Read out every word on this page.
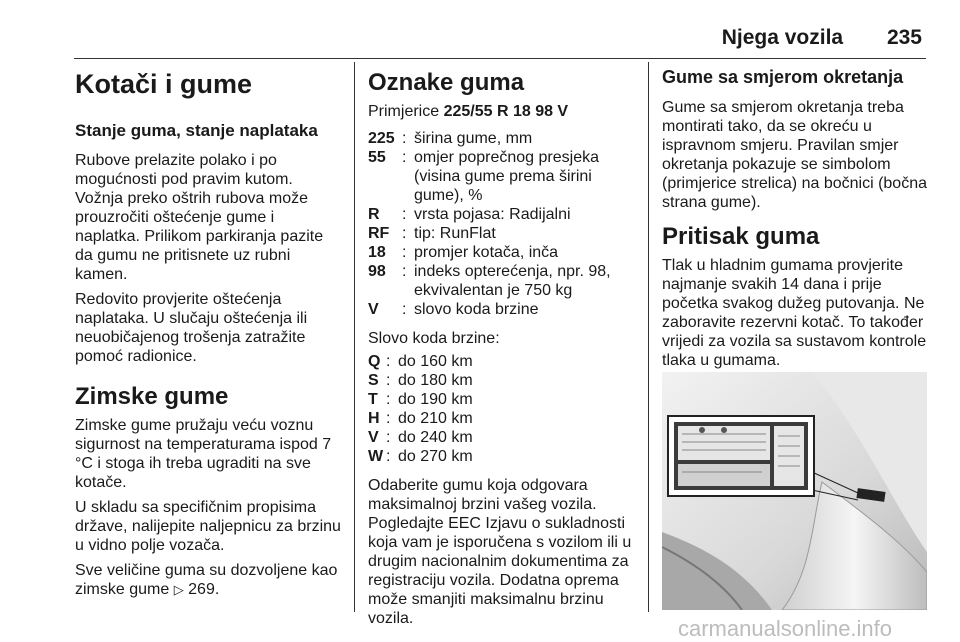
Njega vozila 235
Kotači i gume
Stanje guma, stanje naplataka

Rubove prelazite polako i po mogućnosti pod pravim kutom. Vožnja preko oštrih rubova može prouzročiti oštećenje gume i naplatka. Prilikom parkiranja pazite da gumu ne pritisnete uz rubni kamen.

Redovito provjerite oštećenja naplataka. U slučaju oštećenja ili neuobičajenog trošenja zatražite pomoć radionice.

Zimske gume

Zimske gume pružaju veću voznu sigurnost na temperaturama ispod 7 °C i stoga ih treba ugraditi na sve kotače.

U skladu sa specifičnim propisima države, nalijepite naljepnicu za brzinu u vidno polje vozača.

Sve veličine guma su dozvoljene kao zimske gume ▷ 269.

Oznake guma

Primjerice 225/55 R 18 98 V

225 : širina gume, mm
55	: omjer poprečnog presjeka (visina gume prema širini gume), %
R	: vrsta pojasa: Radijalni
RF : tip: RunFlat
18	: promjer kotača, inča
98	: indeks opterećenja, npr. 98, ekvivalentan je 750 kg
V	: slovo koda brzine

Slovo koda brzine:

Q : do 160 km
S : do 180 km
T : do 190 km
H : do 210 km
V : do 240 km
W : do 270 km

Odaberite gumu koja odgovara maksimalnoj brzini vašeg vozila. Pogledajte EEC Izjavu o sukladnosti koja vam je isporučena s vozilom ili u drugim nacionalnim dokumentima za registraciju vozila. Dodatna oprema može smanjiti maksimalnu brzinu vozila.

Gume sa smjerom okretanja

Gume sa smjerom okretanja treba montirati tako, da se okreću u ispravnom smjeru. Pravilan smjer okretanja pokazuje se simbolom (primjerice strelica) na bočnici (bočna strana gume).

Pritisak guma

Tlak u hladnim gumama provjerite najmanje svakih 14 dana i prije početka svakog dužeg putovanja. Ne zaboravite rezervni kotač. To također vrijedi za vozila sa sustavom kontrole tlaka u gumama.

carmanualsonline.info
